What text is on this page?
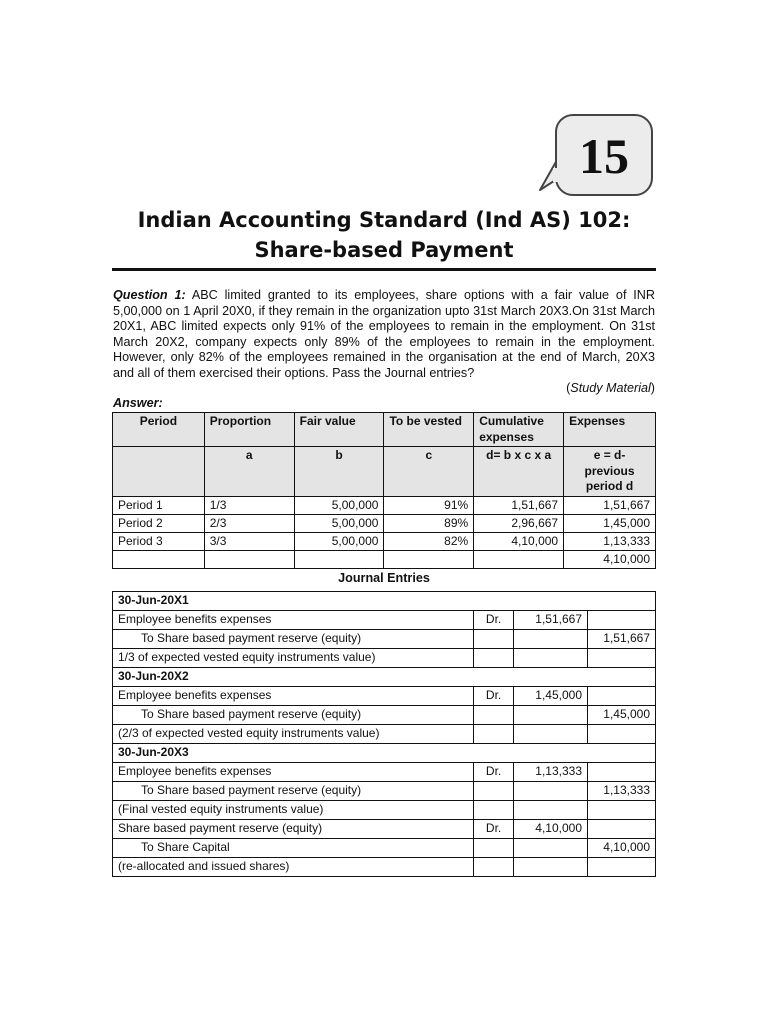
15
Indian Accounting Standard (Ind AS) 102:
Share-based Payment
Question 1: ABC limited granted to its employees, share options with a fair value of INR 5,00,000 on 1 April 20X0, if they remain in the organization upto 31st March 20X3.On 31st March 20X1, ABC limited expects only 91% of the employees to remain in the employment. On 31st March 20X2, company expects only 89% of the employees to remain in the employment. However, only 82% of the employees remained in the organisation at the end of March, 20X3 and all of them exercised their options. Pass the Journal entries?
(Study Material)
Answer:
Period	Proportion	Fair value	To be vested	Cumulative expenses	Expenses
	a	b	c	d= b x c x a	e = d- previous period d
Period 1	1/3	5,00,000	91%	1,51,667	1,51,667
Period 2	2/3	5,00,000	89%	2,96,667	1,45,000
Period 3	3/3	5,00,000	82%	4,10,000	1,13,333
					4,10,000
Journal Entries
30-Jun-20X1			
Employee benefits expenses	Dr.	1,51,667	
To Share based payment reserve (equity)			1,51,667
1/3 of expected vested equity instruments value)			
30-Jun-20X2			
Employee benefits expenses	Dr.	1,45,000	
To Share based payment reserve (equity)			1,45,000
(2/3 of expected vested equity instruments value)			
30-Jun-20X3			
Employee benefits expenses	Dr.	1,13,333	
To Share based payment reserve (equity)			1,13,333
(Final vested equity instruments value)			
Share based payment reserve (equity)	Dr.	4,10,000	
To Share Capital			4,10,000
(re-allocated and issued shares)			
